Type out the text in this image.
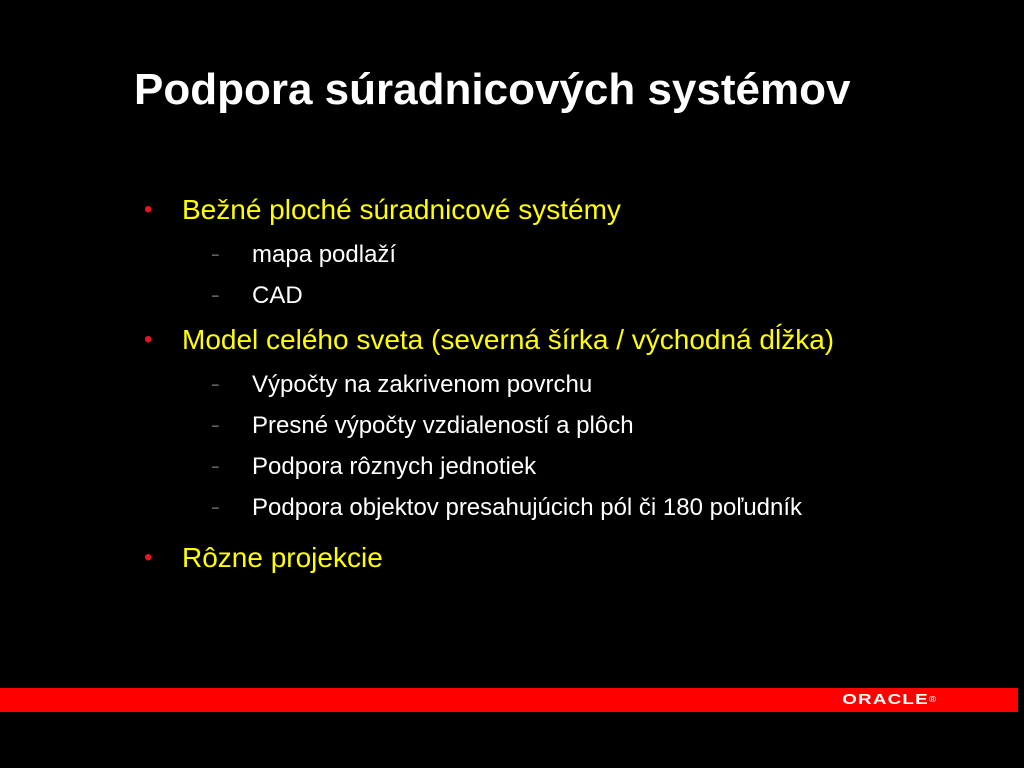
Podpora súradnicových systémov
• Bežné ploché súradnicové systémy
– mapa podlaží
– CAD
• Model celého sveta (severná šírka / východná dĺžka)
– Výpočty na zakrivenom povrchu
– Presné výpočty vzdialeností a plôch
– Podpora rôznych jednotiek
– Podpora objektov presahujúcich pól či 180 poľudník
• Rôzne projekcie
ORACLE®
